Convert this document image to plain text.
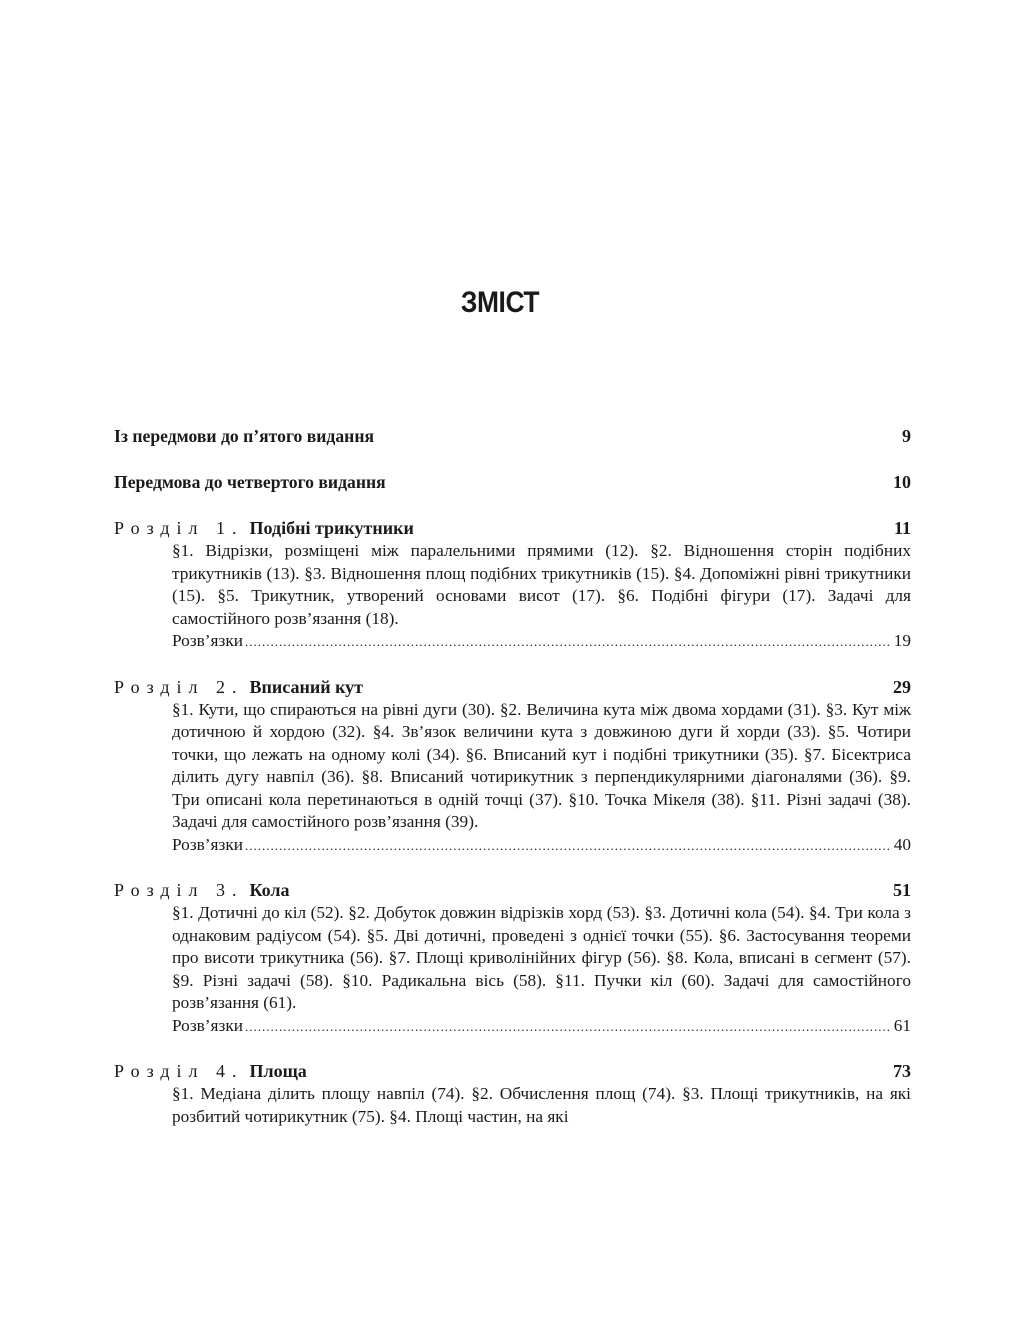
ЗМІСТ
Із передмови до п’ятого видання	9
Передмова до четвертого видання	10
Розділ 1. Подібні трикутники	11
§1. Відрізки, розміщені між паралельними прямими (12). §2. Відношення сторін подібних трикутників (13). §3. Відношення площ подібних трикутників (15). §4. Допоміжні рівні трикутники (15). §5. Трикутник, утворений основами висот (17). §6. Подібні фігури (17). Задачі для самостійного розв’язання (18).
Розв’язки .....	19
Розділ 2. Вписаний кут	29
§1. Кути, що спираються на рівні дуги (30). §2. Величина кута між двома хордами (31). §3. Кут між дотичною й хордою (32). §4. Зв’язок величини кута з довжиною дуги й хорди (33). §5. Чотири точки, що лежать на одному колі (34). §6. Вписаний кут і подібні трикутники (35). §7. Бісектриса ділить дугу навпіл (36). §8. Вписаний чотирикутник з перпендикулярними діагоналями (36). §9. Три описані кола перетинаються в одній точці (37). §10. Точка Мікеля (38). §11. Різні задачі (38). Задачі для самостійного розв’язання (39).
Розв’язки .....	40
Розділ 3. Кола	51
§1. Дотичні до кіл (52). §2. Добуток довжин відрізків хорд (53). §3. Дотичні кола (54). §4. Три кола з однаковим радіусом (54). §5. Дві дотичні, проведені з однієї точки (55). §6. Застосування теореми про висоти трикутника (56). §7. Площі криволінійних фігур (56). §8. Кола, вписані в сегмент (57). §9. Різні задачі (58). §10. Радикальна вісь (58). §11. Пучки кіл (60). Задачі для самостійного розв’язання (61).
Розв’язки .....	61
Розділ 4. Площа	73
§1. Медіана ділить площу навпіл (74). §2. Обчислення площ (74). §3. Площі трикутників, на які розбитий чотирикутник (75). §4. Площі частин, на які
